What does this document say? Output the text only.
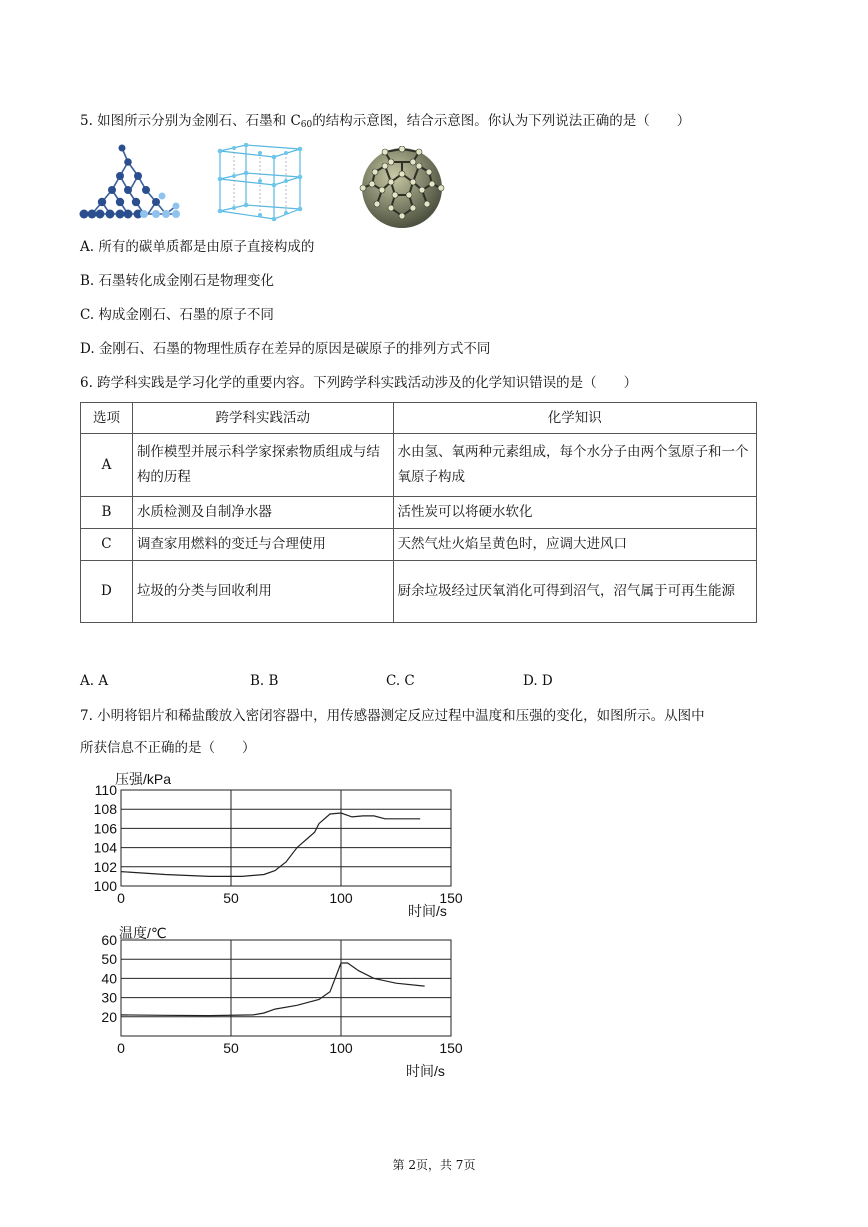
5. 如图所示分别为金刚石、石墨和 $C_{60}$的结构示意图，结合示意图。你认为下列说法正确的是（　　）
A. 所有的碳单质都是由原子直接构成的
B. 石墨转化成金刚石是物理变化
C. 构成金刚石、石墨的原子不同
D. 金刚石、石墨的物理性质存在差异的原因是碳原子的排列方式不同
6. 跨学科实践是学习化学的重要内容。下列跨学科实践活动涉及的化学知识错误的是（　　）
选项	跨学科实践活动	化学知识
A	制作模型并展示科学家探索物质组成与结构的历程	水由氢、氧两种元素组成，每个水分子由两个氢原子和一个氧原子构成
B	水质检测及自制净水器	活性炭可以将硬水软化
C	调查家用燃料的变迁与合理使用	天然气灶火焰呈黄色时，应调大进风口
D	垃圾的分类与回收利用	厨余垃圾经过厌氧消化可得到沼气，沼气属于可再生能源
A. A	B. B	C. C	D. D
7. 小明将铝片和稀盐酸放入密闭容器中，用传感器测定反应过程中温度和压强的变化，如图所示。从图中
所获信息不正确的是（　　）
压强/kPa
100
102
104
106
108
110
0	50	100	150
时间/s
温度/℃
20
30
40
50
60
0	50	100	150
时间/s
第 2页，共 7页
